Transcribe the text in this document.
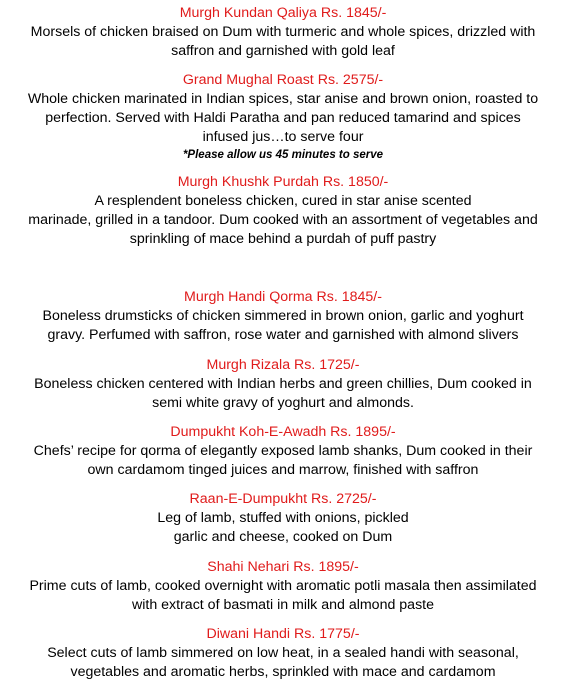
Murgh Kundan Qaliya Rs. 1845/-
Morsels of chicken braised on Dum with turmeric and whole spices, drizzled with
saffron and garnished with gold leaf
Grand Mughal Roast Rs. 2575/-
Whole chicken marinated in Indian spices, star anise and brown onion, roasted to
perfection. Served with Haldi Paratha and pan reduced tamarind and spices
infused jus…to serve four
*Please allow us 45 minutes to serve
Murgh Khushk Purdah Rs. 1850/-
A resplendent boneless chicken, cured in star anise scented
marinade, grilled in a tandoor. Dum cooked with an assortment of vegetables and
sprinkling of mace behind a purdah of puff pastry
Murgh Handi Qorma Rs. 1845/-
Boneless drumsticks of chicken simmered in brown onion, garlic and yoghurt
gravy. Perfumed with saffron, rose water and garnished with almond slivers
Murgh Rizala Rs. 1725/-
Boneless chicken centered with Indian herbs and green chillies, Dum cooked in
semi white gravy of yoghurt and almonds.
Dumpukht Koh-E-Awadh Rs. 1895/-
Chefs’ recipe for qorma of elegantly exposed lamb shanks, Dum cooked in their
own cardamom tinged juices and marrow, finished with saffron
Raan-E-Dumpukht Rs. 2725/-
Leg of lamb, stuffed with onions, pickled
garlic and cheese, cooked on Dum
Shahi Nehari Rs. 1895/-
Prime cuts of lamb, cooked overnight with aromatic potli masala then assimilated
with extract of basmati in milk and almond paste
Diwani Handi Rs. 1775/-
Select cuts of lamb simmered on low heat, in a sealed handi with seasonal,
vegetables and aromatic herbs, sprinkled with mace and cardamom
